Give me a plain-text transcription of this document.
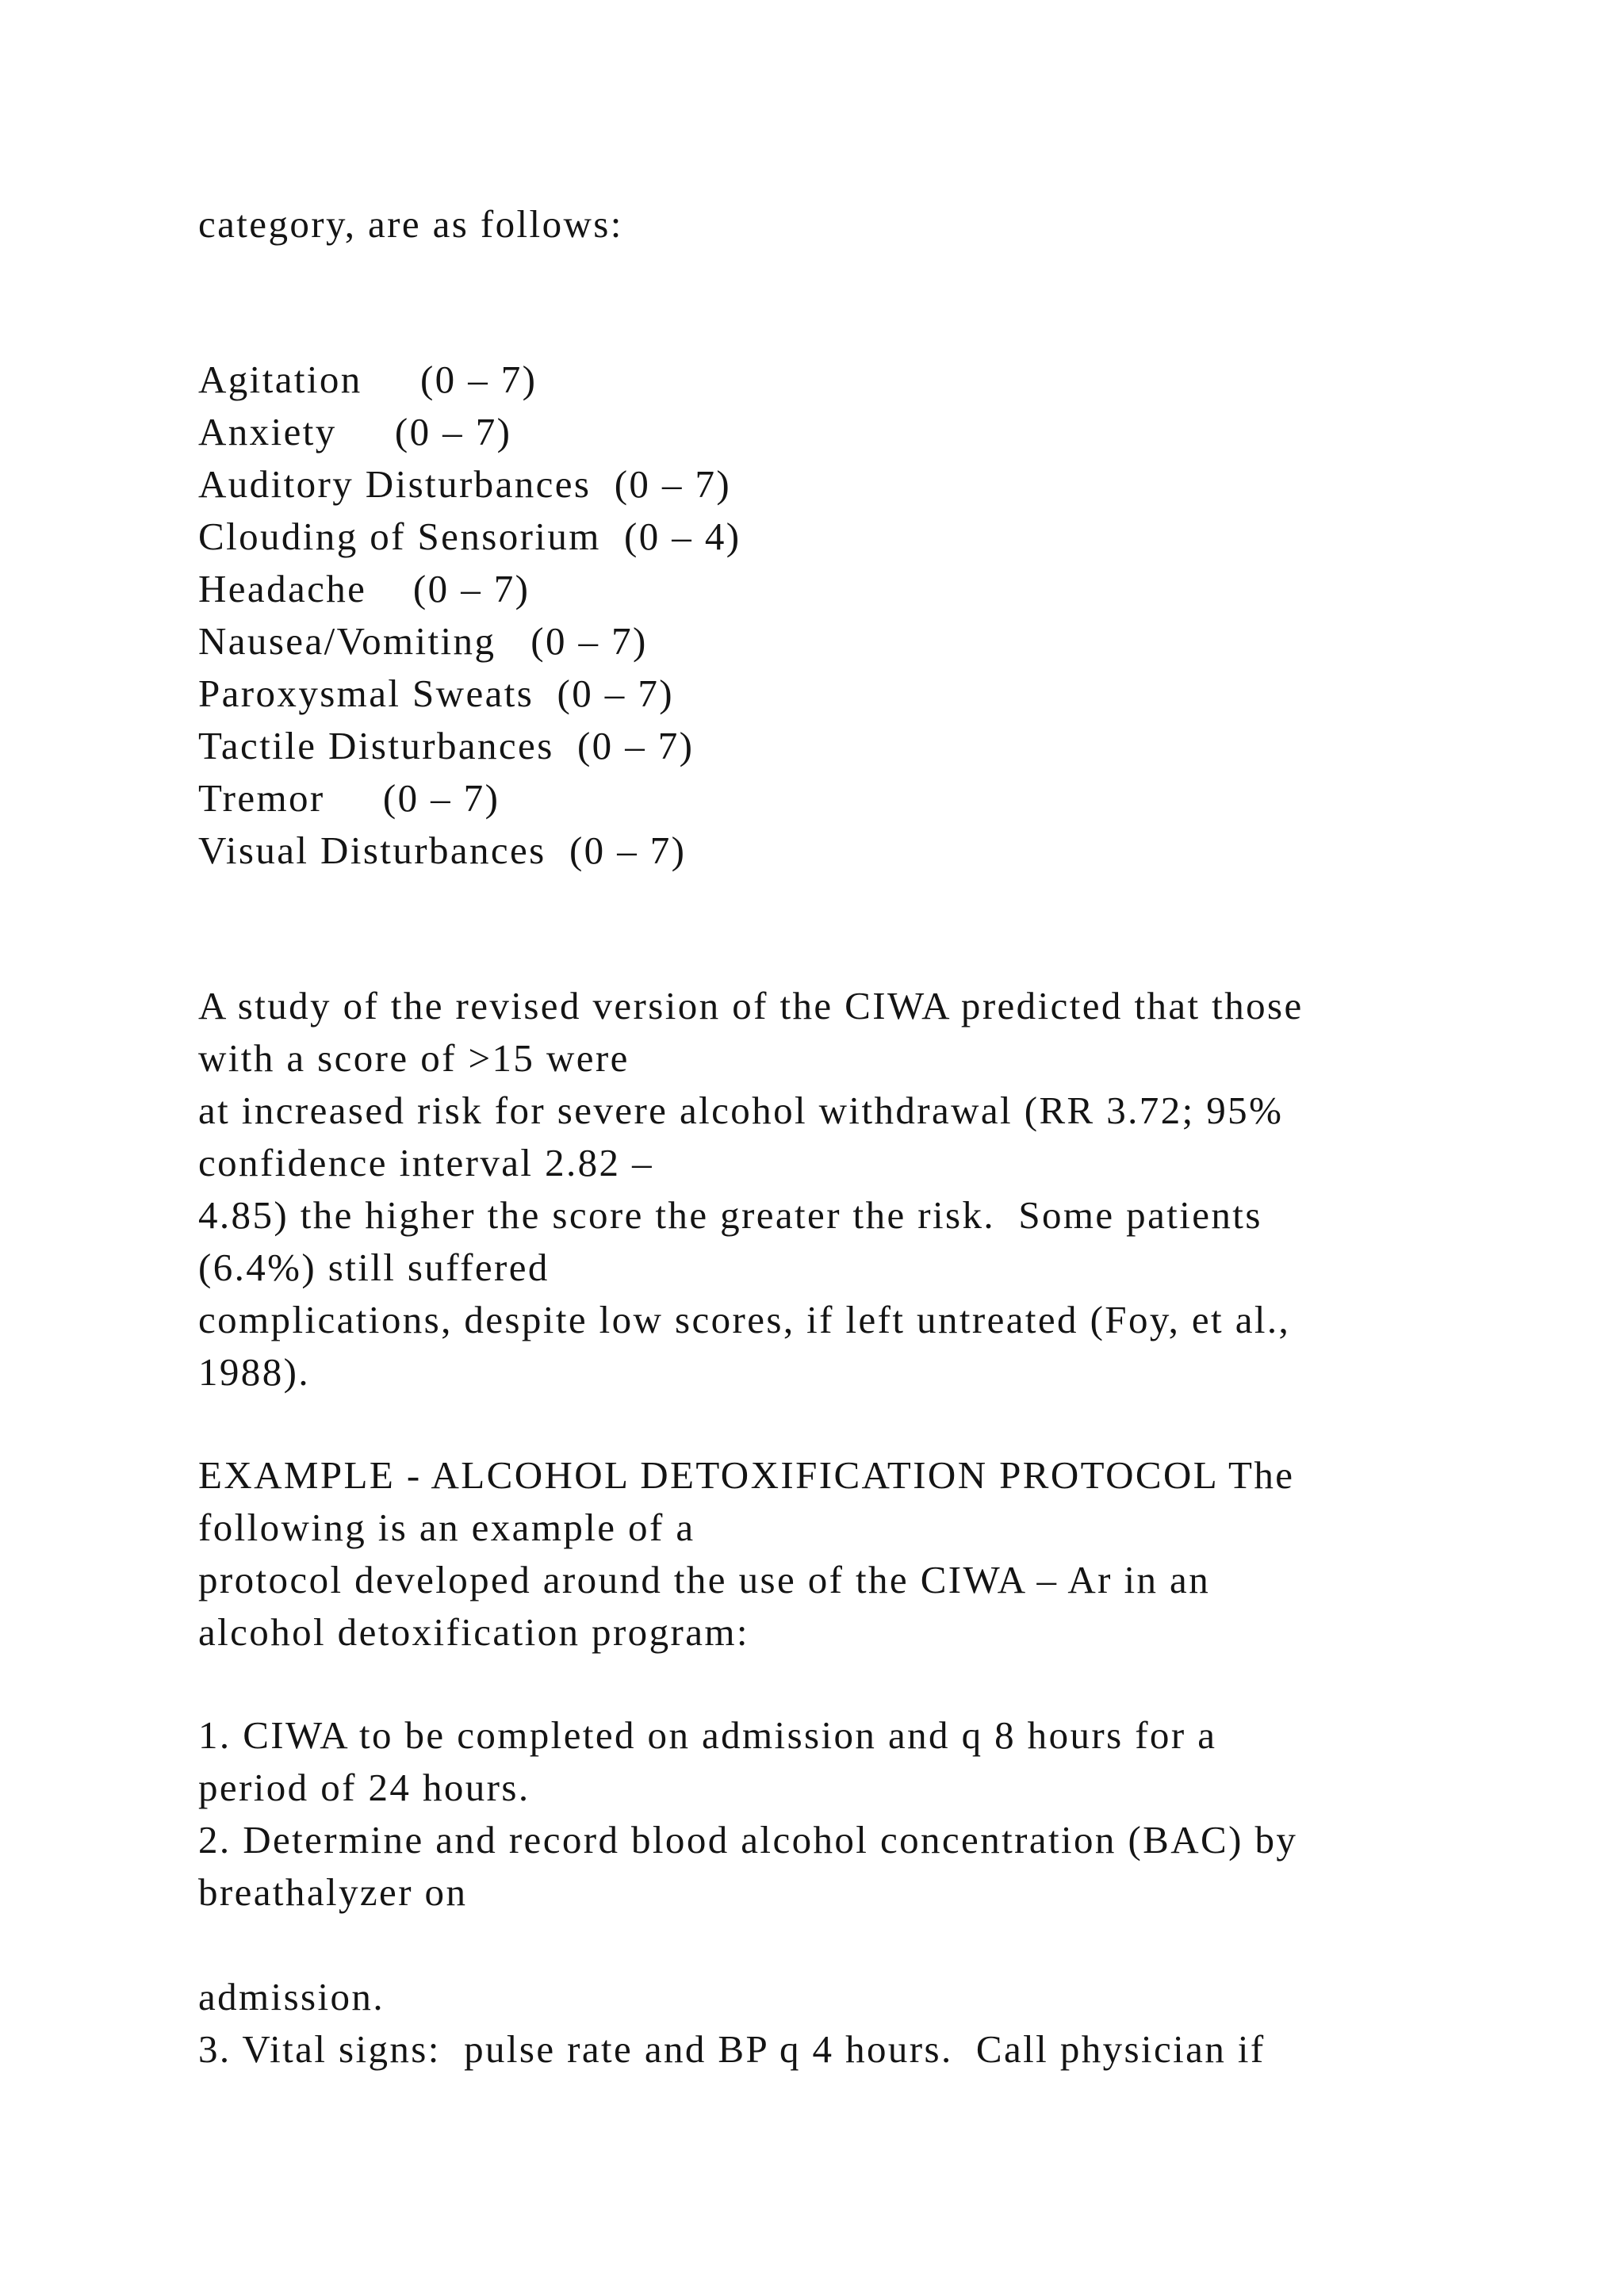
category, are as follows:

Agitation     (0 – 7)

Anxiety     (0 – 7)

Auditory Disturbances  (0 – 7)

Clouding of Sensorium  (0 – 4)

Headache    (0 – 7)

Nausea/Vomiting   (0 – 7)

Paroxysmal Sweats  (0 – 7)

Tactile Disturbances  (0 – 7)

Tremor     (0 – 7)

Visual Disturbances  (0 – 7)

A study of the revised version of the CIWA predicted that those

with a score of >15 were

at increased risk for severe alcohol withdrawal (RR 3.72; 95%

confidence interval 2.82 –

4.85) the higher the score the greater the risk.  Some patients

(6.4%) still suffered

complications, despite low scores, if left untreated (Foy, et al.,

1988).

EXAMPLE - ALCOHOL DETOXIFICATION PROTOCOL The

following is an example of a

protocol developed around the use of the CIWA – Ar in an

alcohol detoxification program:

1. CIWA to be completed on admission and q 8 hours for a

period of 24 hours.

2. Determine and record blood alcohol concentration (BAC) by

breathalyzer on

admission.

3. Vital signs:  pulse rate and BP q 4 hours.  Call physician if
